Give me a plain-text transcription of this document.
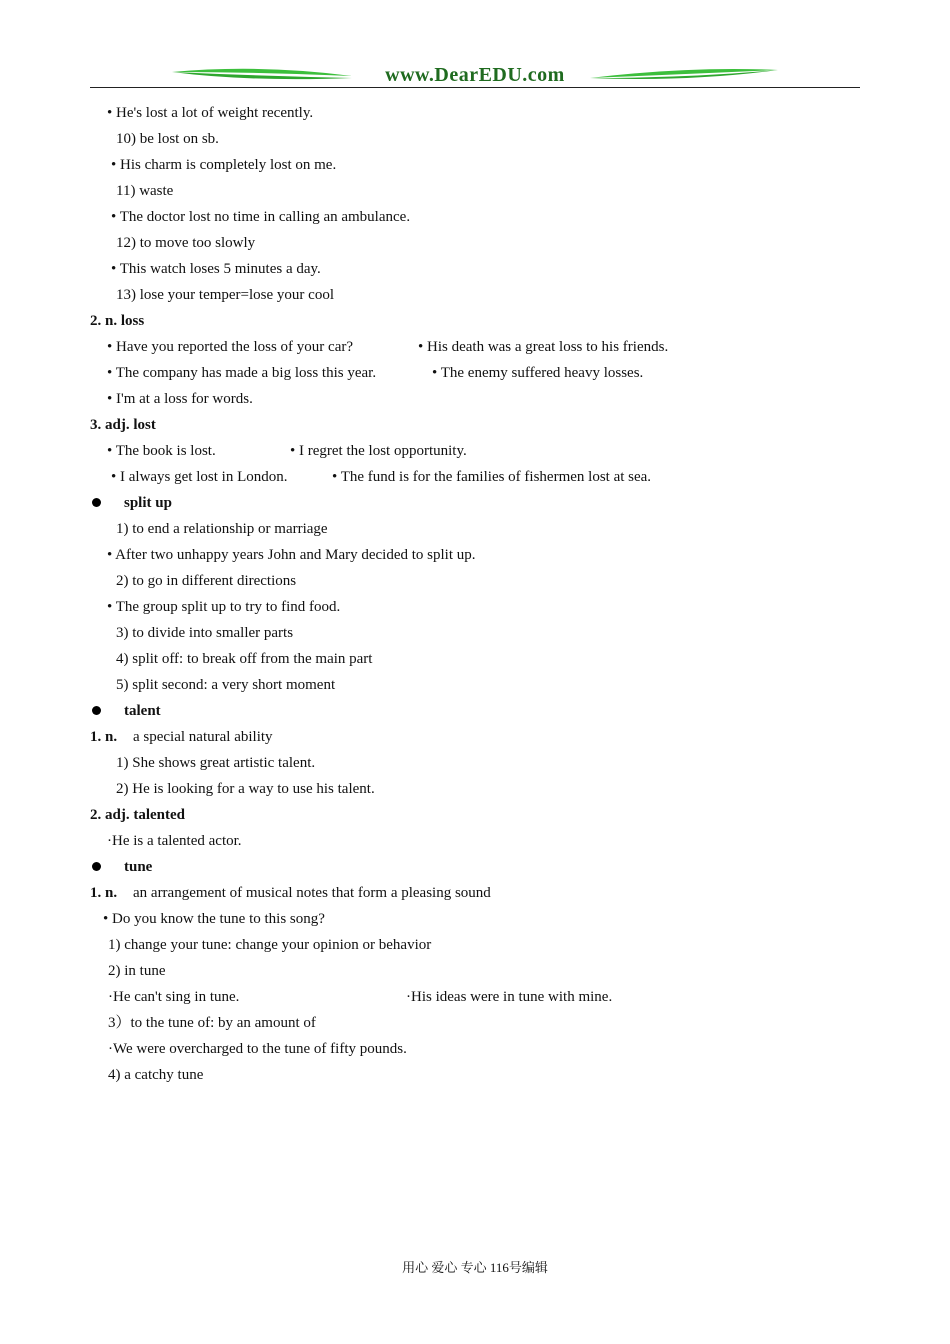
www.DearEDU.com
• He's lost a lot of weight recently.
10) be lost on sb.
• His charm is completely lost on me.
11) waste
• The doctor lost no time in calling an ambulance.
12) to move too slowly
• This watch loses 5 minutes a day.
13) lose your temper=lose your cool
2. n. loss
• Have you reported the loss of your car?	• His death was a great loss to his friends.
• The company has made a big loss this year.	• The enemy suffered heavy losses.
• I'm at a loss for words.
3. adj. lost
• The book is lost.	• I regret the lost opportunity.
• I always get lost in London.	• The fund is for the families of fishermen lost at sea.
split up
1) to end a relationship or marriage
• After two unhappy years John and Mary decided to split up.
2) to go in different directions
• The group split up to try to find food.
3) to divide into smaller parts
4) split off: to break off from the main part
5) split second: a very short moment
talent
1. n. a special natural ability
1) She shows great artistic talent.
2) He is looking for a way to use his talent.
2. adj. talented
·He is a talented actor.
tune
1. n. an arrangement of musical notes that form a pleasing sound
• Do you know the tune to this song?
1) change your tune: change your opinion or behavior
2) in tune
·He can't sing in tune.	·His ideas were in tune with mine.
3）to the tune of: by an amount of
·We were overcharged to the tune of fifty pounds.
4) a catchy tune
用心 爱心 专心 116号编辑
